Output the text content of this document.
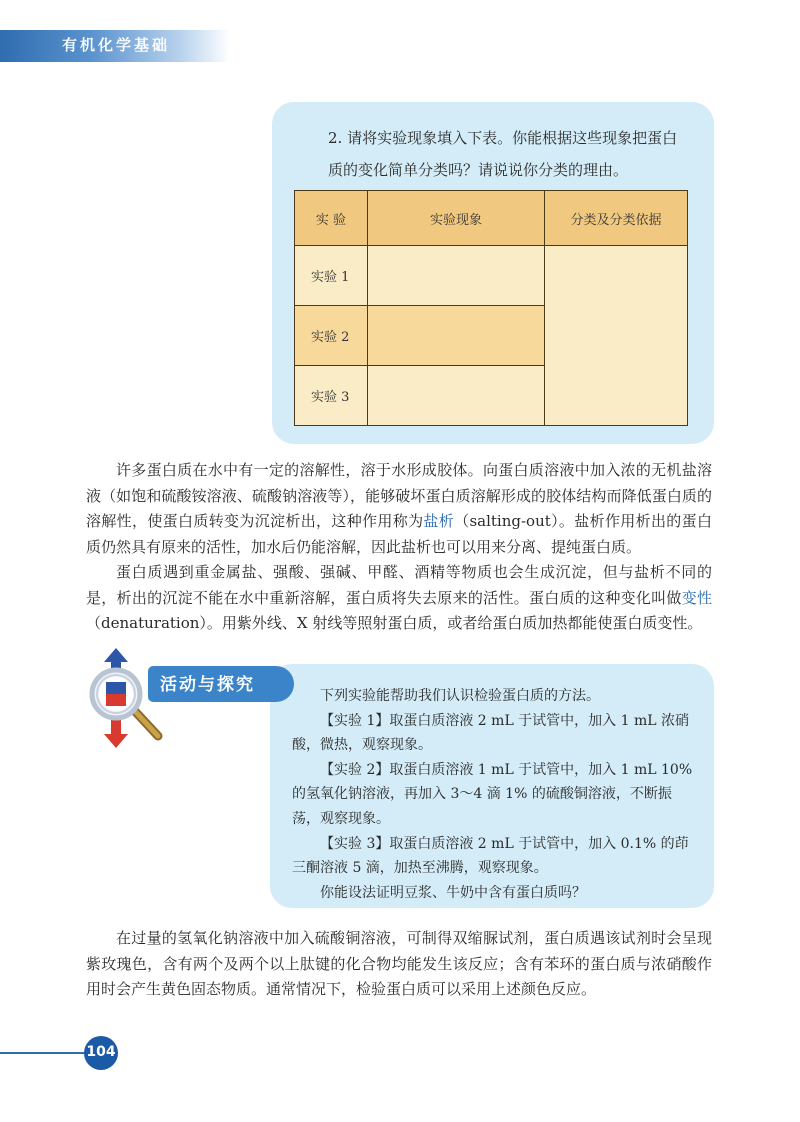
有机化学基础
2. 请将实验现象填入下表。你能根据这些现象把蛋白
质的变化简单分类吗？请说说你分类的理由。
实 验	实验现象	分类及分类依据
实验 1		
实验 2		
实验 3		

许多蛋白质在水中有一定的溶解性，溶于水形成胶体。向蛋白质溶液中加入浓的无机盐溶液（如饱和硫酸铵溶液、硫酸钠溶液等），能够破坏蛋白质溶解形成的胶体结构而降低蛋白质的溶解性，使蛋白质转变为沉淀析出，这种作用称为盐析（salting-out）。盐析作用析出的蛋白质仍然具有原来的活性，加水后仍能溶解，因此盐析也可以用来分离、提纯蛋白质。

蛋白质遇到重金属盐、强酸、强碱、甲醛、酒精等物质也会生成沉淀，但与盐析不同的是，析出的沉淀不能在水中重新溶解，蛋白质将失去原来的活性。蛋白质的这种变化叫做变性（denaturation）。用紫外线、X 射线等照射蛋白质，或者给蛋白质加热都能使蛋白质变性。

活动与探究

下列实验能帮助我们认识检验蛋白质的方法。

【实验 1】取蛋白质溶液 2 mL 于试管中，加入 1 mL 浓硝酸，微热，观察现象。

【实验 2】取蛋白质溶液 1 mL 于试管中，加入 1 mL 10% 的氢氧化钠溶液，再加入 3～4 滴 1% 的硫酸铜溶液，不断振荡，观察现象。

【实验 3】取蛋白质溶液 2 mL 于试管中，加入 0.1% 的茚三酮溶液 5 滴，加热至沸腾，观察现象。

你能设法证明豆浆、牛奶中含有蛋白质吗？

在过量的氢氧化钠溶液中加入硫酸铜溶液，可制得双缩脲试剂，蛋白质遇该试剂时会呈现紫玫瑰色，含有两个及两个以上肽键的化合物均能发生该反应；含有苯环的蛋白质与浓硝酸作用时会产生黄色固态物质。通常情况下，检验蛋白质可以采用上述颜色反应。

104
